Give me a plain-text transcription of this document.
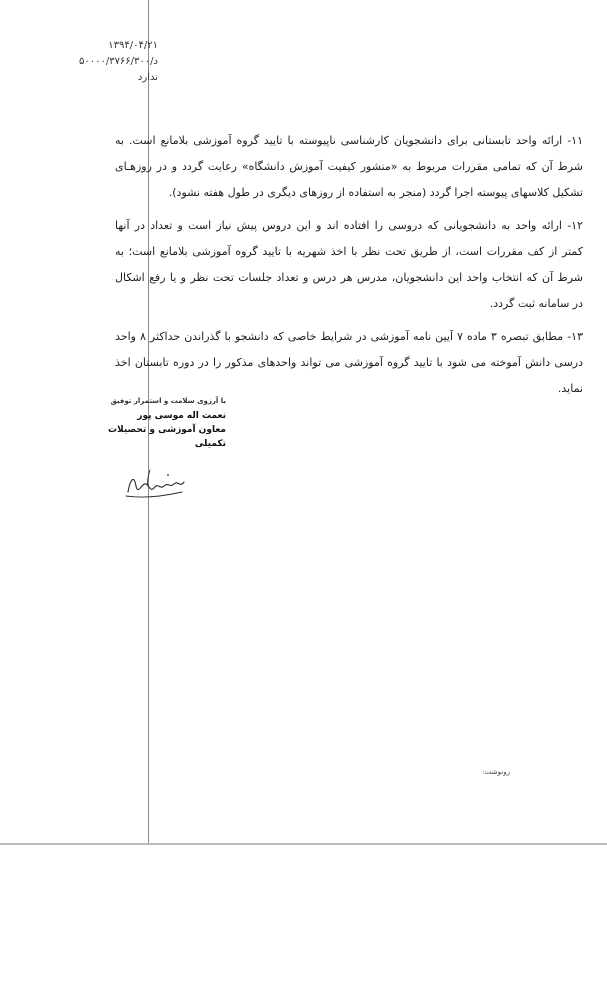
۱۳۹۴/۰۴/۲۱
د/۵۰۰۰۰/۳۷۶۶/۳۰۰
ندارد
۱۱- ارائه واحد تابستانی برای دانشجویان کارشناسی ناپیوسته با تایید گروه آموزشی بلامانع است. به
شرط آن که تمامی مقررات مربوط به «منشور کیفیت آموزش دانشگاه» رعایت گردد و در روزهـای
تشکیل کلاسهای پیوسته اجرا گردد (منجر به استفاده از روزهای دیگری در طول هفته نشود).
۱۲- ارائه واحد به دانشجویانی که دروسی را افتاده اند و این دروس پیش نیاز است و تعداد در آنها
کمتر از کف مقررات است، از طریق تحت نظر با اخذ شهریه با تایید گروه آموزشی بلامانع است؛ به
شرط آن که انتخاب واحد این دانشجویان، مدرس هر درس و تعداد جلسات تحت نظر و یا رفع اشکال
در سامانه ثبت گردد.
۱۳- مطابق تبصره ۳ ماده ۷ آیین نامه آموزشی در شرایط خاصی که دانشجو با گذراندن حداکثر ۸ واحد
درسی دانش آموخته می شود با تایید گروه آموزشی می تواند واحدهای مذکور را در دوره تابستان اخذ
نماید.
با آرزوی سلامت و استمرار توفیق
نعمت اله موسی پور
معاون آموزشی و تحصیلات تکمیلی
رونوشت:
